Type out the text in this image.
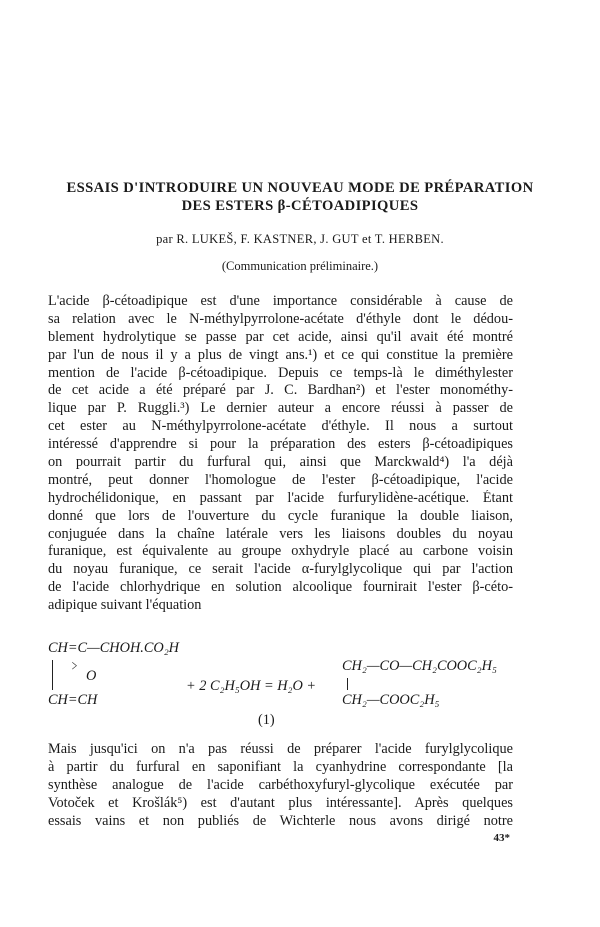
ESSAIS D'INTRODUIRE UN NOUVEAU MODE DE PRÉPARATION
DES ESTERS β-CÉTOADIPIQUES
par R. LUKEŠ, F. KASTNER, J. GUT et T. HERBEN.
(Communication préliminaire.)
L'acide β-cétoadipique est d'une importance considérable à cause de
sa relation avec le N-méthylpyrrolone-acétate d'éthyle dont le dédou-
blement hydrolytique se passe par cet acide, ainsi qu'il avait été montré
par l'un de nous il y a plus de vingt ans.¹) et ce qui constitue la première
mention de l'acide β-cétoadipique. Depuis ce temps-là le diméthylester
de cet acide a été préparé par J. C. Bardhan²) et l'ester monométhy-
lique par P. Ruggli.³) Le dernier auteur a encore réussi à passer de
cet ester au N-méthylpyrrolone-acétate d'éthyle. Il nous a surtout
intéressé d'apprendre si pour la préparation des esters β-cétoadipiques
on pourrait partir du furfural qui, ainsi que Marckwald⁴) l'a déjà
montré, peut donner l'homologue de l'ester β-cétoadipique, l'acide
hydrochélidonique, en passant par l'acide furfurylidène-acétique. Étant
donné que lors de l'ouverture du cycle furanique la double liaison,
conjuguée dans la chaîne latérale vers les liaisons doubles du noyau
furanique, est équivalente au groupe oxhydryle placé au carbone voisin
du noyau furanique, ce serait l'acide α-furylglycolique qui par l'action
de l'acide chlorhydrique en solution alcoolique fournirait l'ester β-céto-
adipique suivant l'équation
CH=C—CHOH.CO₂H
>
O
CH=CH
+ 2 C₂H₅OH = H₂O +
CH₂—CO—CH₂COOC₂H₅
CH₂—COOC₂H₅
(1)
Mais jusqu'ici on n'a pas réussi de préparer l'acide furylglycolique
à partir du furfural en saponifiant la cyanhydrine correspondante [la
synthèse analogue de l'acide carbéthoxyfuryl-glycolique exécutée par
Votoček et Krošlák⁵) est d'autant plus intéressante]. Après quelques
essais vains et non publiés de Wichterle nous avons dirigé notre
43*
